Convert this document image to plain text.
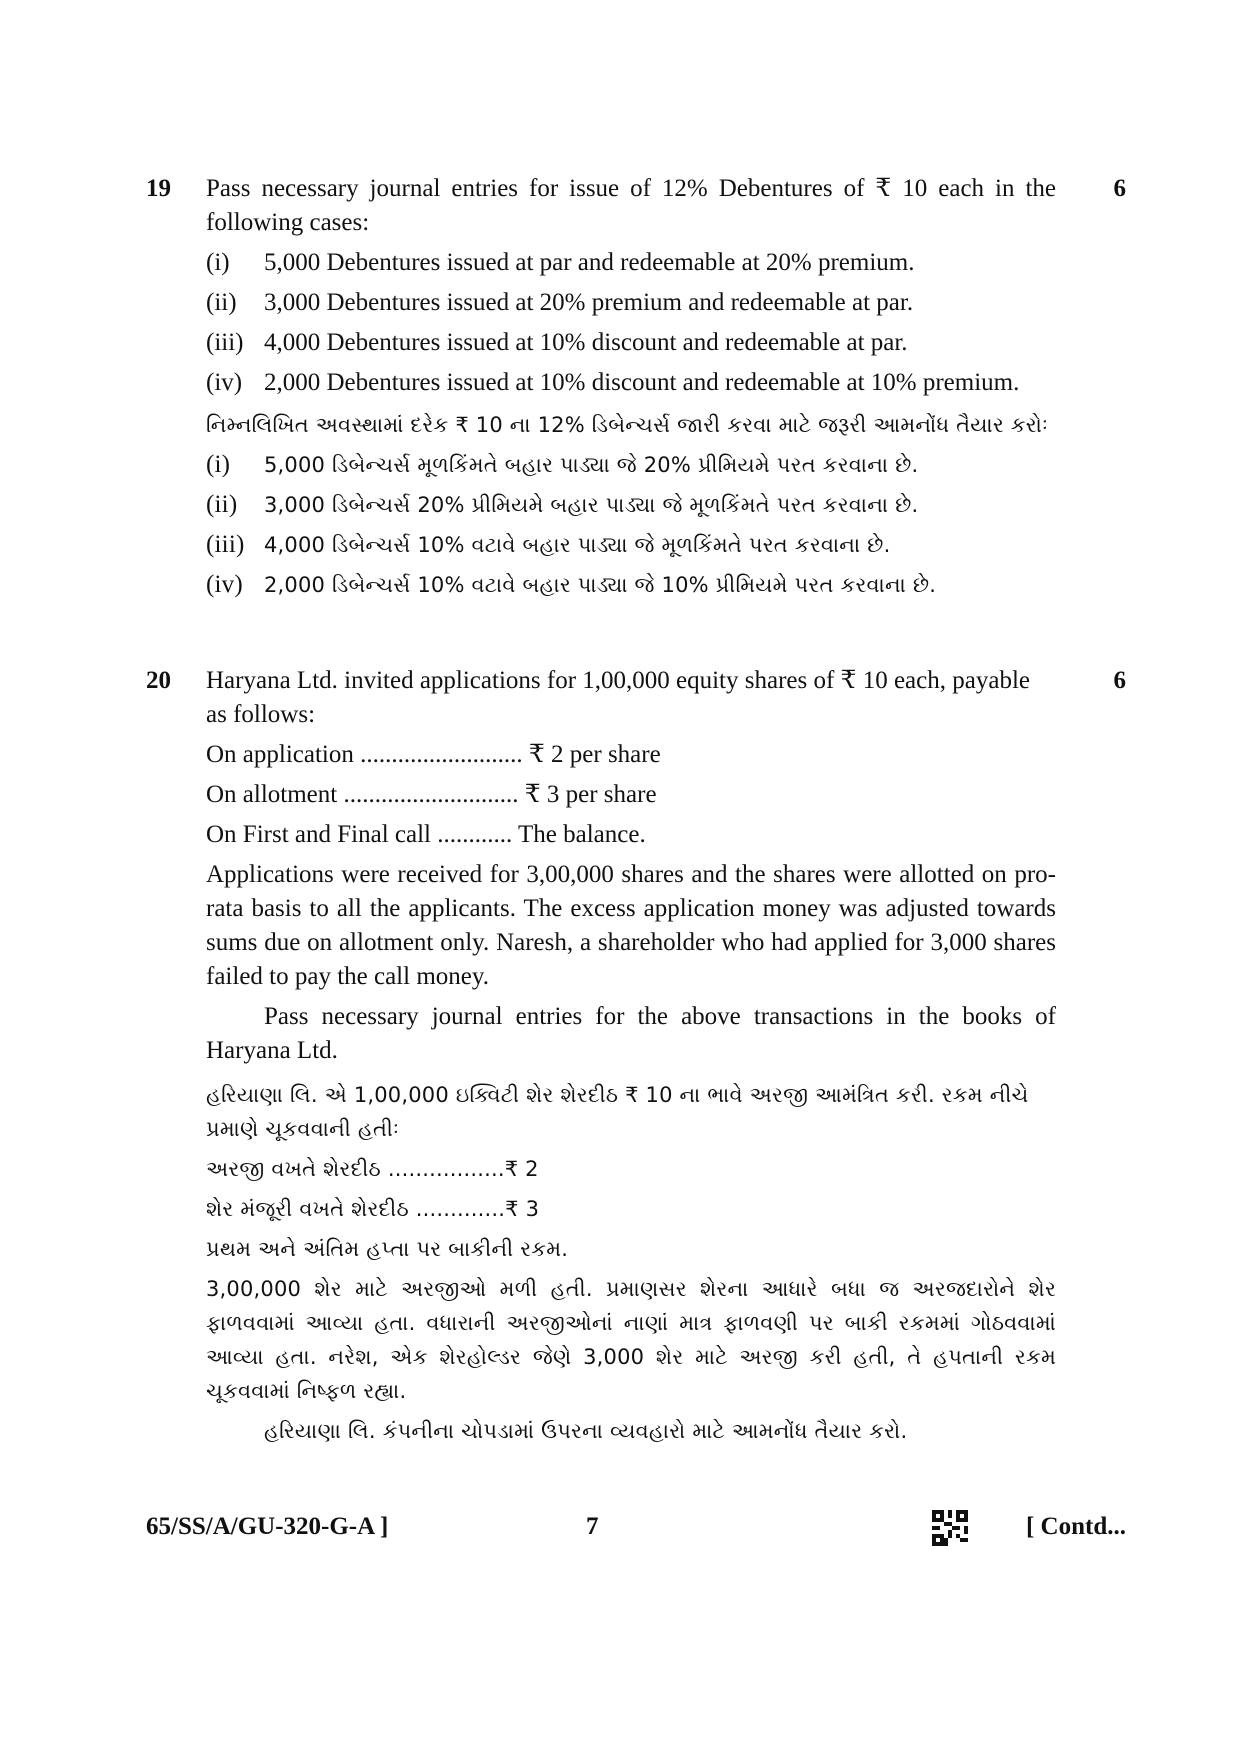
19	6
Pass necessary journal entries for issue of 12% Debentures of ₹ 10 each in the following cases:
(i)	5,000 Debentures issued at par and redeemable at 20% premium.
(ii)	3,000 Debentures issued at 20% premium and redeemable at par.
(iii) 4,000 Debentures issued at 10% discount and redeemable at par.
(iv) 2,000 Debentures issued at 10% discount and redeemable at 10% premium.
નિમ્નલિખિત અવસ્થામાં દરેક ₹ 10 ના 12% ડિબેન્ચર્સ જારી કરવા માટે જરૂરી આમનોંધ તૈયાર કરોઃ
(i)	5,000 ડિબેન્ચર્સ મૂળકિંમતે બહાર પાડ્યા જે 20% પ્રીમિયમે પરત કરવાના છે.
(ii)	3,000 ડિબેન્ચર્સ 20% પ્રીમિયમે બહાર પાડ્યા જે મૂળકિંમતે પરત કરવાના છે.
(iii) 4,000 ડિબેન્ચર્સ 10% વટાવે બહાર પાડ્યા જે મૂળકિંમતે પરત કરવાના છે.
(iv)	2,000 ડિબેન્ચર્સ 10% વટાવે બહાર પાડ્યા જે 10% પ્રીમિયમે પરત કરવાના છે.
20	6
Haryana Ltd. invited applications for 1,00,000 equity shares of ₹ 10 each, payable as follows:
On application .......................... ₹ 2 per share
On allotment ............................ ₹ 3 per share
On First and Final call ............ The balance.
Applications were received for 3,00,000 shares and the shares were allotted on pro-rata basis to all the applicants. The excess application money was adjusted towards sums due on allotment only. Naresh, a shareholder who had applied for 3,000 shares failed to pay the call money.
Pass necessary journal entries for the above transactions in the books of Haryana Ltd.
હરિયાણા લિ. એ 1,00,000 ઇક્વિટી શેર શેરદીઠ ₹ 10 ના ભાવે અરજી આમંત્રિત કરી. રકમ નીચે પ્રમાણે ચૂકવવાની હતીઃ
અરજી વખતે શેરદીઠ .................₹ 2
શેર મંજૂરી વખતે શેરદીઠ .............₹ 3
પ્રથમ અને અંતિમ હપ્તા પર બાકીની રકમ.
3,00,000 શેર માટે અરજીઓ મળી હતી. પ્રમાણસર શેરના આધારે બધા જ અરજદારોને શેર ફાળવવામાં આવ્યા હતા. વધારાની અરજીઓનાં નાણાં માત્ર ફાળવણી પર બાકી રકમમાં ગોઠવવામાં આવ્યા હતા. નરેશ, એક શેરહોલ્ડર જેણે 3,000 શેર માટે અરજી કરી હતી, તે હપતાની રકમ ચૂકવવામાં નિષ્ફળ રહ્યા.
હરિયાણા લિ. કંપનીના ચોપડામાં ઉપરના વ્યવહારો માટે આમનોંધ તૈયાર કરો.
65/SS/A/GU-320-G-A ]	7	[ Contd...
